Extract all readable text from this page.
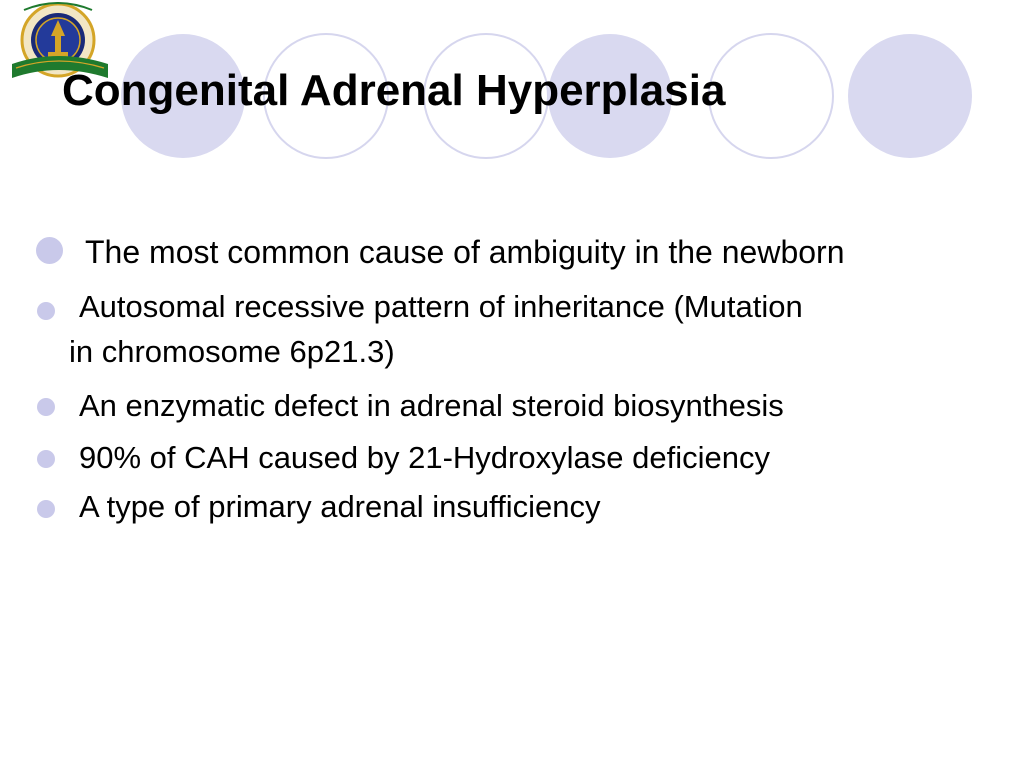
Congenital Adrenal Hyperplasia
The most common cause of ambiguity in the newborn
Autosomal recessive pattern of inheritance (Mutation
in chromosome 6p21.3)
An enzymatic defect in adrenal steroid biosynthesis
90% of CAH caused by 21-Hydroxylase deficiency
A type of primary adrenal insufficiency
